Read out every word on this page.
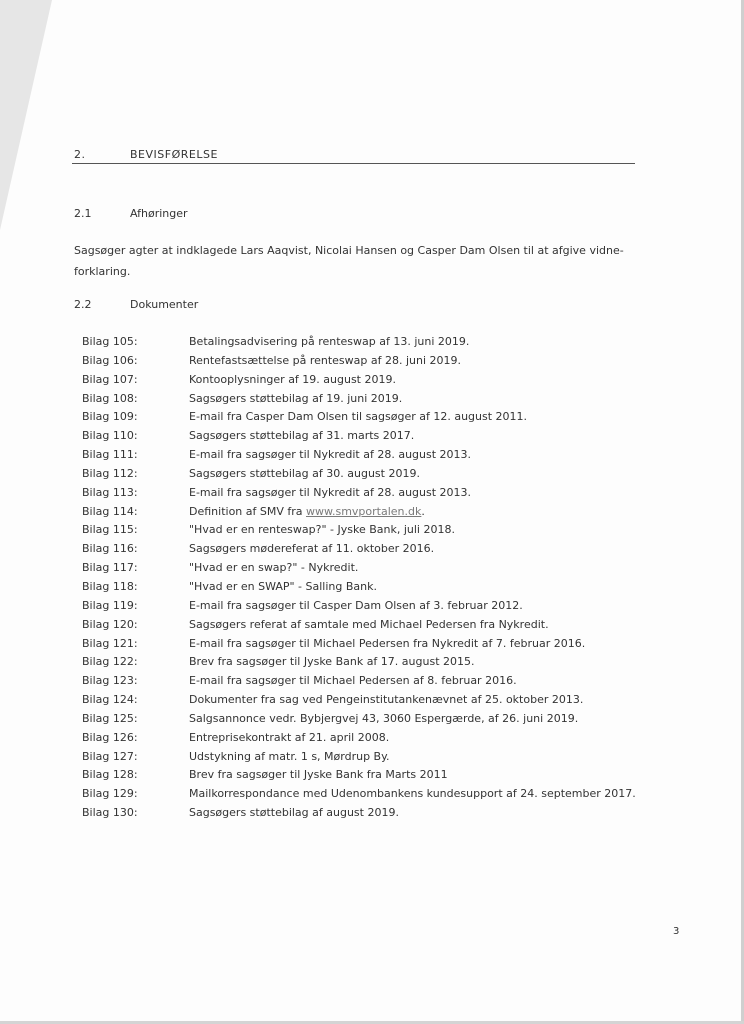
2.	BEVISFØRELSE
2.1	Afhøringer
Sagsøger agter at indklagede Lars Aaqvist, Nicolai Hansen og Casper Dam Olsen til at afgive vidne-forklaring.
2.2	Dokumenter
Bilag 105:	Betalingsadvisering på renteswap af 13. juni 2019.
Bilag 106:	Rentefastsættelse på renteswap af 28. juni 2019.
Bilag 107:	Kontooplysninger af 19. august 2019.
Bilag 108:	Sagsøgers støttebilag af 19. juni 2019.
Bilag 109:	E-mail fra Casper Dam Olsen til sagsøger af 12. august 2011.
Bilag 110:	Sagsøgers støttebilag af 31. marts 2017.
Bilag 111:	E-mail fra sagsøger til Nykredit af 28. august 2013.
Bilag 112:	Sagsøgers støttebilag af 30. august 2019.
Bilag 113:	E-mail fra sagsøger til Nykredit af 28. august 2013.
Bilag 114:	Definition af SMV fra www.smvportalen.dk.
Bilag 115:	"Hvad er en renteswap?" - Jyske Bank, juli 2018.
Bilag 116:	Sagsøgers mødereferat af 11. oktober 2016.
Bilag 117:	"Hvad er en swap?" - Nykredit.
Bilag 118:	"Hvad er en SWAP" - Salling Bank.
Bilag 119:	E-mail fra sagsøger til Casper Dam Olsen af 3. februar 2012.
Bilag 120:	Sagsøgers referat af samtale med Michael Pedersen fra Nykredit.
Bilag 121:	E-mail fra sagsøger til Michael Pedersen fra Nykredit af 7. februar 2016.
Bilag 122:	Brev fra sagsøger til Jyske Bank af 17. august 2015.
Bilag 123:	E-mail fra sagsøger til Michael Pedersen af 8. februar 2016.
Bilag 124:	Dokumenter fra sag ved Pengeinstitutankenævnet af 25. oktober 2013.
Bilag 125:	Salgsannonce vedr. Bybjergvej 43, 3060 Espergærde, af 26. juni 2019.
Bilag 126:	Entreprisekontrakt af 21. april 2008.
Bilag 127:	Udstykning af matr. 1 s, Mørdrup By.
Bilag 128:	Brev fra sagsøger til Jyske Bank fra Marts 2011
Bilag 129:	Mailkorrespondance med Udenombankens kundesupport af 24. september 2017.
Bilag 130:	Sagsøgers støttebilag af august 2019.
3
